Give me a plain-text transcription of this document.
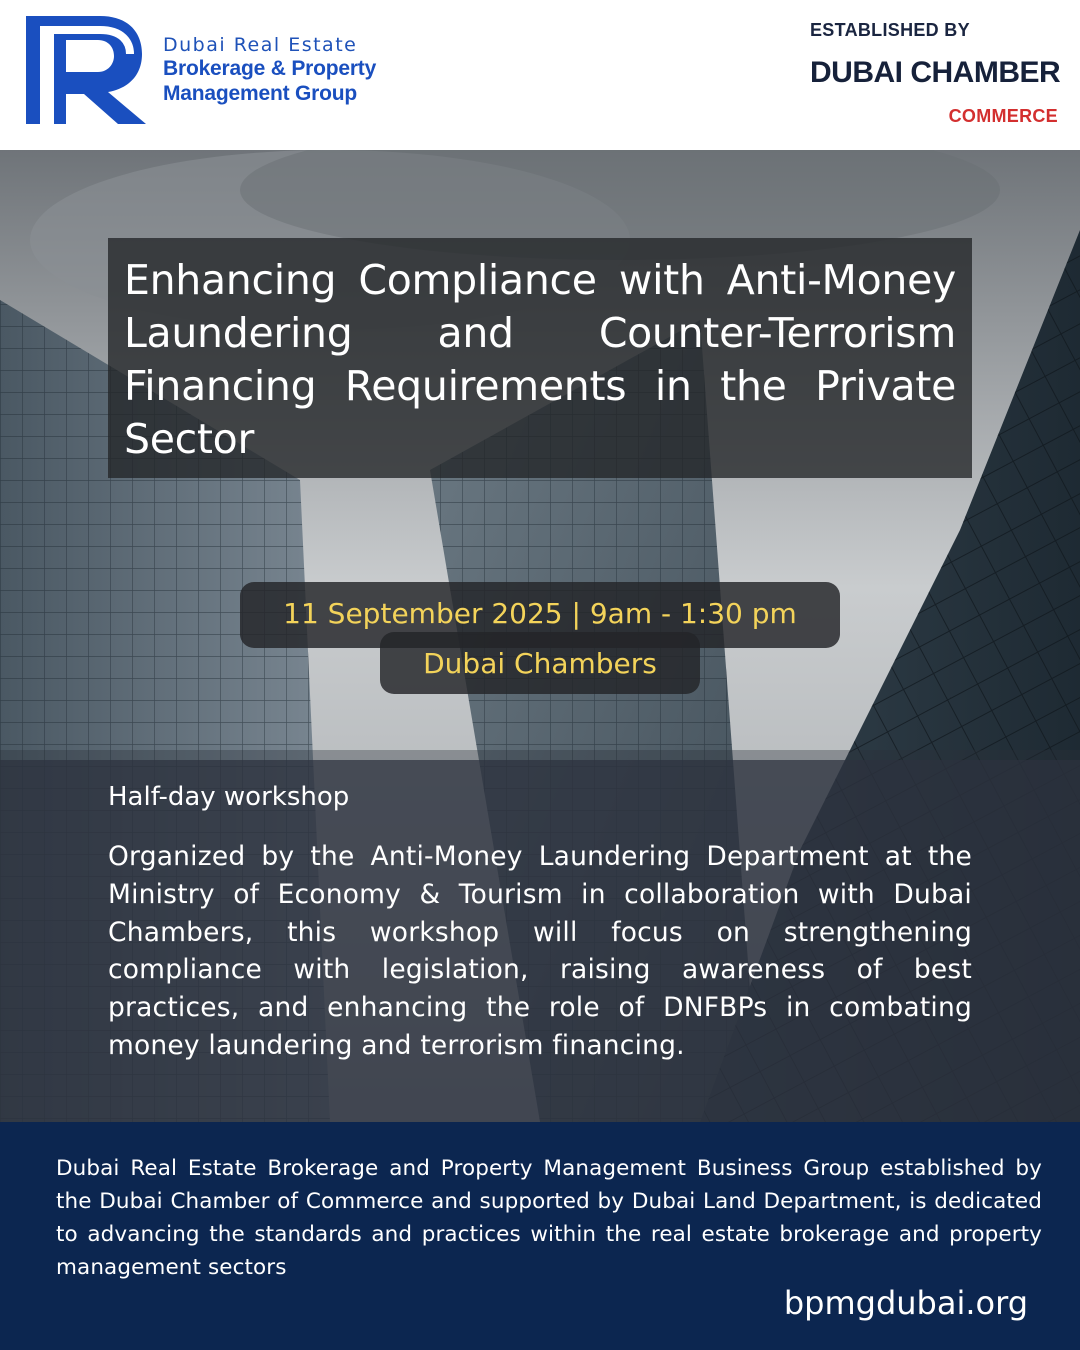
Dubai Real Estate
Brokerage & Property
Management Group
ESTABLISHED BY
DUBAI CHAMBER
COMMERCE
Enhancing Compliance with Anti-Money Laundering and Counter-Terrorism Financing Requirements in the Private Sector
11 September 2025 | 9am - 1:30 pm
Dubai Chambers
Half-day workshop
Organized by the Anti-Money Laundering Department at the Ministry of Economy & Tourism in collaboration with Dubai Chambers, this workshop will focus on strengthening compliance with legislation, raising awareness of best practices, and enhancing the role of DNFBPs in combating money laundering and terrorism financing.
Dubai Real Estate Brokerage and Property Management Business Group established by the Dubai Chamber of Commerce and supported by Dubai Land Department, is dedicated to advancing the standards and practices within the real estate brokerage and property management sectors
bpmgdubai.org
